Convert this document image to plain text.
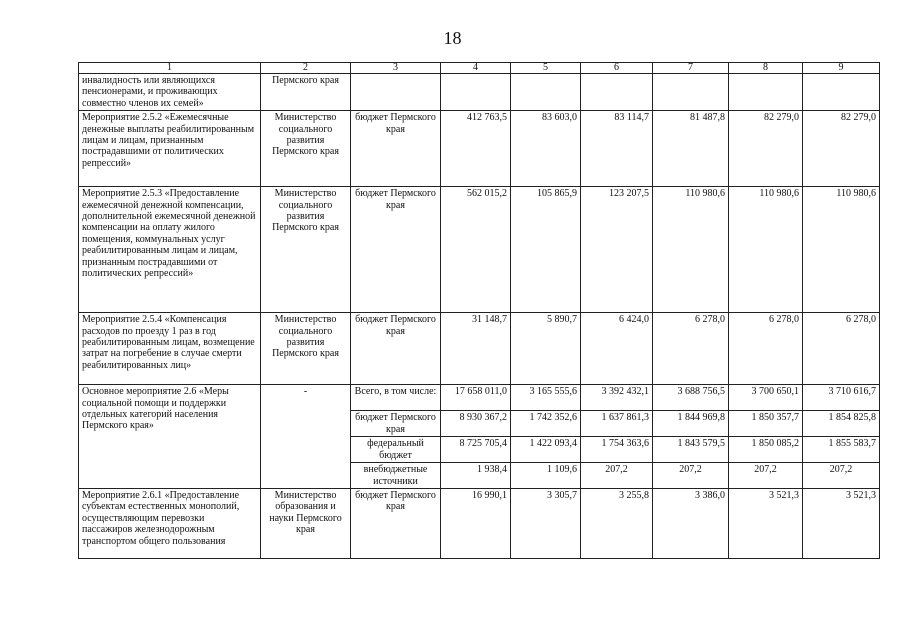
18
1	2	3	4	5	6	7	8	9
инвалидность или являющихся пенсионерами, и проживающих совместно членов их семей»	Пермского края							
Мероприятие 2.5.2 «Ежемесячные денежные выплаты реабилитированным лицам и лицам, признанным пострадавшими от политических репрессий»	Министерство социального развития Пермского края	бюджет Пермского края	412 763,5	83 603,0	83 114,7	81 487,8	82 279,0	82 279,0
Мероприятие 2.5.3 «Предоставление ежемесячной денежной компенсации, дополнительной ежемесячной денежной компенсации на оплату жилого помещения, коммунальных услуг реабилитированным лицам и лицам, признанным пострадавшими от политических репрессий»	Министерство социального развития Пермского края	бюджет Пермского края	562 015,2	105 865,9	123 207,5	110 980,6	110 980,6	110 980,6
Мероприятие 2.5.4 «Компенсация расходов по проезду 1 раз в год реабилитированным лицам, возмещение затрат на погребение в случае смерти реабилитированных лиц»	Министерство социального развития Пермского края	бюджет Пермского края	31 148,7	5 890,7	6 424,0	6 278,0	6 278,0	6 278,0
Основное мероприятие 2.6 «Меры социальной помощи и поддержки отдельных категорий населения Пермского края»	-	Всего, в том числе:	17 658 011,0	3 165 555,6	3 392 432,1	3 688 756,5	3 700 650,1	3 710 616,7
		бюджет Пермского края	8 930 367,2	1 742 352,6	1 637 861,3	1 844 969,8	1 850 357,7	1 854 825,8
		федеральный бюджет	8 725 705,4	1 422 093,4	1 754 363,6	1 843 579,5	1 850 085,2	1 855 583,7
		внебюджетные источники	1 938,4	1 109,6	207,2	207,2	207,2	207,2
Мероприятие 2.6.1 «Предоставление субъектам естественных монополий, осуществляющим перевозки пассажиров железнодорожным транспортом общего пользования	Министерство образования и науки Пермского края	бюджет Пермского края	16 990,1	3 305,7	3 255,8	3 386,0	3 521,3	3 521,3
